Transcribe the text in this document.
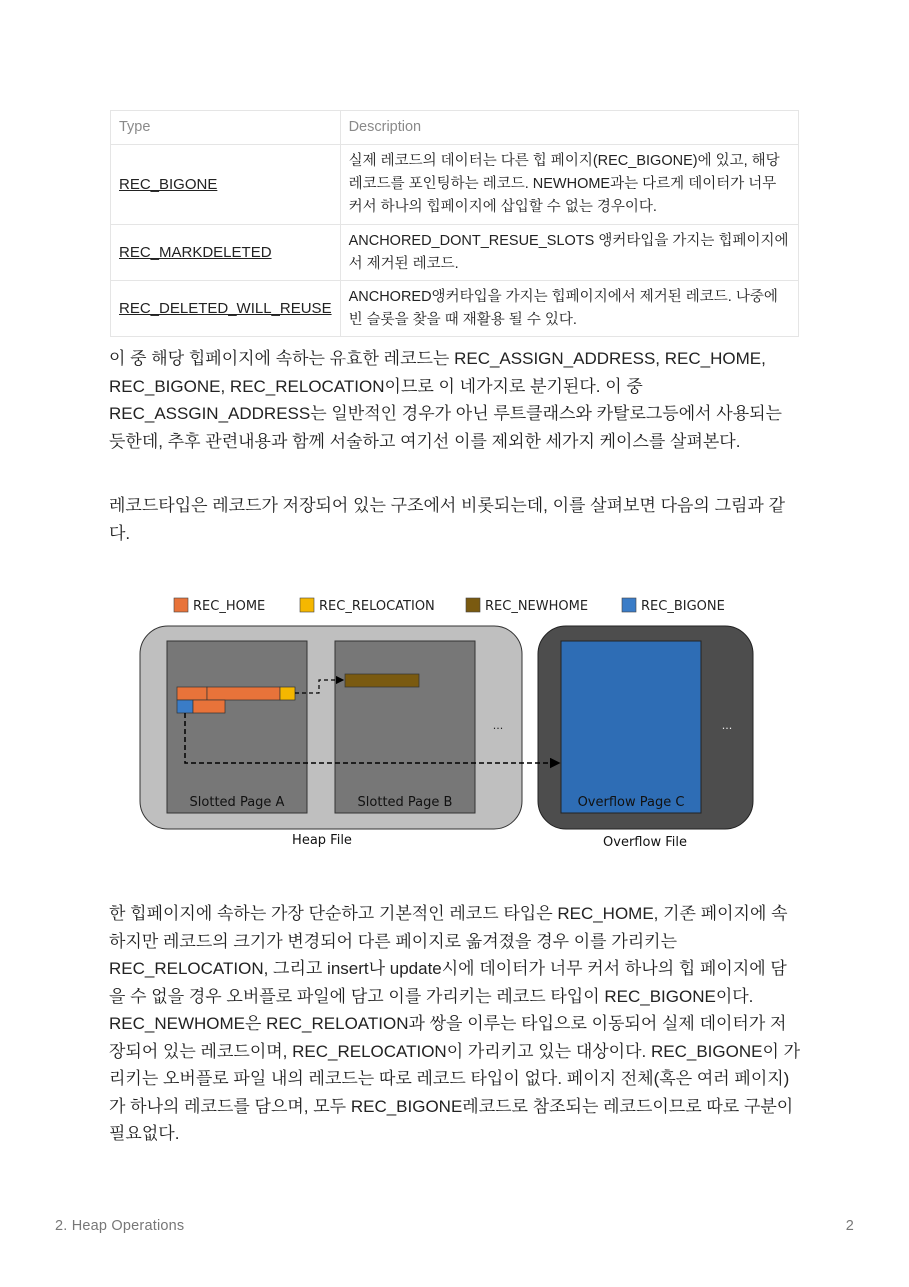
Type	Description
REC_BIGONE	실제 레코드의 데이터는 다른 힙 페이지(REC_BIGONE)에 있고, 해당 레코드를 포인팅하는 레코드. NEWHOME과는 다르게 데이터가 너무 커서 하나의 힙페이지에 삽입할 수 없는 경우이다.
REC_MARKDELETED	ANCHORED_DONT_RESUE_SLOTS 앵커타입을 가지는 힙페이지에서 제거된 레코드.
REC_DELETED_WILL_REUSE	ANCHORED앵커타입을 가지는 힙페이지에서 제거된 레코드. 나중에 빈 슬롯을 찾을 때 재활용 될 수 있다.

이 중 해당 힙페이지에 속하는 유효한 레코드는 REC_ASSIGN_ADDRESS, REC_HOME, REC_BIGONE, REC_RELOCATION이므로 이 네가지로 분기된다. 이 중 REC_ASSGIN_ADDRESS는 일반적인 경우가 아닌 루트클래스와 카탈로그등에서 사용되는 듯한데, 추후 관련내용과 함께 서술하고 여기선 이를 제외한 세가지 케이스를 살펴본다.

레코드타입은 레코드가 저장되어 있는 구조에서 비롯되는데, 이를 살펴보면 다음의 그림과 같다.

REC_HOME	REC_RELOCATION	REC_NEWHOME	REC_BIGONE
Slotted Page A	Slotted Page B
...
Heap File
Overflow Page C
...
Overflow File

한 힙페이지에 속하는 가장 단순하고 기본적인 레코드 타입은 REC_HOME, 기존 페이지에 속하지만 레코드의 크기가 변경되어 다른 페이지로 옮겨졌을 경우 이를 가리키는 REC_RELOCATION, 그리고 insert나 update시에 데이터가 너무 커서 하나의 힙 페이지에 담을 수 없을 경우 오버플로 파일에 담고 이를 가리키는 레코드 타입이 REC_BIGONE이다. REC_NEWHOME은 REC_RELOATION과 쌍을 이루는 타입으로 이동되어 실제 데이터가 저장되어 있는 레코드이며, REC_RELOCATION이 가리키고 있는 대상이다. REC_BIGONE이 가리키는 오버플로 파일 내의 레코드는 따로 레코드 타입이 없다. 페이지 전체(혹은 여러 페이지)가 하나의 레코드를 담으며, 모두 REC_BIGONE레코드로 참조되는 레코드이므로 따로 구분이 필요없다.

2. Heap Operations	2
